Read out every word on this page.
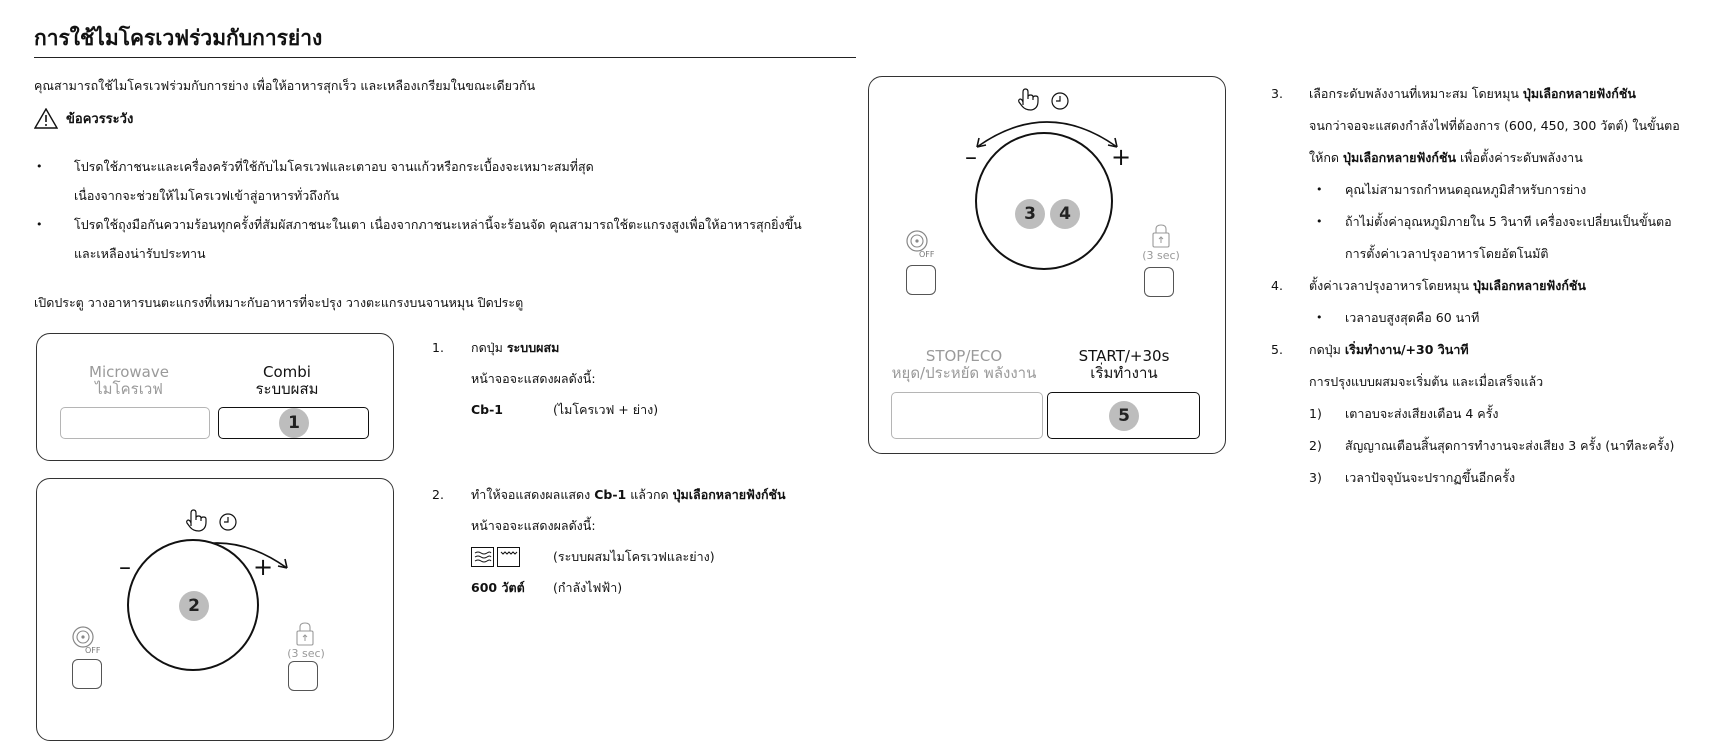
การใช้ไมโครเวฟร่วมกับการย่าง
คุณสามารถใช้ไมโครเวฟร่วมกับการย่าง เพื่อให้อาหารสุกเร็ว และเหลืองเกรียมในขณะเดียวกัน
ข้อควรระวัง
• โปรดใช้ภาชนะและเครื่องครัวที่ใช้กับไมโครเวฟและเตาอบ จานแก้วหรือกระเบื้องจะเหมาะสมที่สุด
เนื่องจากจะช่วยให้ไมโครเวฟเข้าสู่อาหารทั่วถึงกัน
• โปรดใช้ถุงมือกันความร้อนทุกครั้งที่สัมผัสภาชนะในเตา เนื่องจากภาชนะเหล่านี้จะร้อนจัด คุณสามารถใช้ตะแกรงสูงเพื่อให้อาหารสุกยิ่งขึ้น
และเหลืองน่ารับประทาน
เปิดประตู วางอาหารบนตะแกรงที่เหมาะกับอาหารที่จะปรุง วางตะแกรงบนจานหมุน ปิดประตู
Microwave
ไมโครเวฟ
Combi
ระบบผสม
1
–	+
2
OFF	(3 sec)
–	+
3	4
OFF	(3 sec)
STOP/ECO
หยุด/ประหยัด พลังงาน
START/+30s
เริ่มทำงาน
5
1.	กดปุ่ม ระบบผสม
หน้าจอจะแสดงผลดังนี้:
Cb-1	(ไมโครเวฟ + ย่าง)
2.	ทำให้จอแสดงผลแสดง Cb-1 แล้วกด ปุ่มเลือกหลายฟังก์ชัน
หน้าจอจะแสดงผลดังนี้:
(ระบบผสมไมโครเวฟและย่าง)
600 วัตต์ (กำลังไฟฟ้า)
3. เลือกระดับพลังงานที่เหมาะสม โดยหมุน ปุ่มเลือกหลายฟังก์ชัน
จนกว่าจอจะแสดงกำลังไฟที่ต้องการ (600, 450, 300 วัตต์) ในขั้นตอ
ให้กด ปุ่มเลือกหลายฟังก์ชัน เพื่อตั้งค่าระดับพลังงาน
• คุณไม่สามารถกำหนดอุณหภูมิสำหรับการย่าง
• ถ้าไม่ตั้งค่าอุณหภูมิภายใน 5 วินาที เครื่องจะเปลี่ยนเป็นขั้นตอ
การตั้งค่าเวลาปรุงอาหารโดยอัตโนมัติ
4. ตั้งค่าเวลาปรุงอาหารโดยหมุน ปุ่มเลือกหลายฟังก์ชัน
• เวลาอบสูงสุดคือ 60 นาที
5. กดปุ่ม เริ่มทำงาน/+30 วินาที
การปรุงแบบผสมจะเริ่มต้น และเมื่อเสร็จแล้ว
1) เตาอบจะส่งเสียงเตือน 4 ครั้ง
2) สัญญาณเตือนสิ้นสุดการทำงานจะส่งเสียง 3 ครั้ง (นาทีละครั้ง)
3) เวลาปัจจุบันจะปรากฏขึ้นอีกครั้ง
